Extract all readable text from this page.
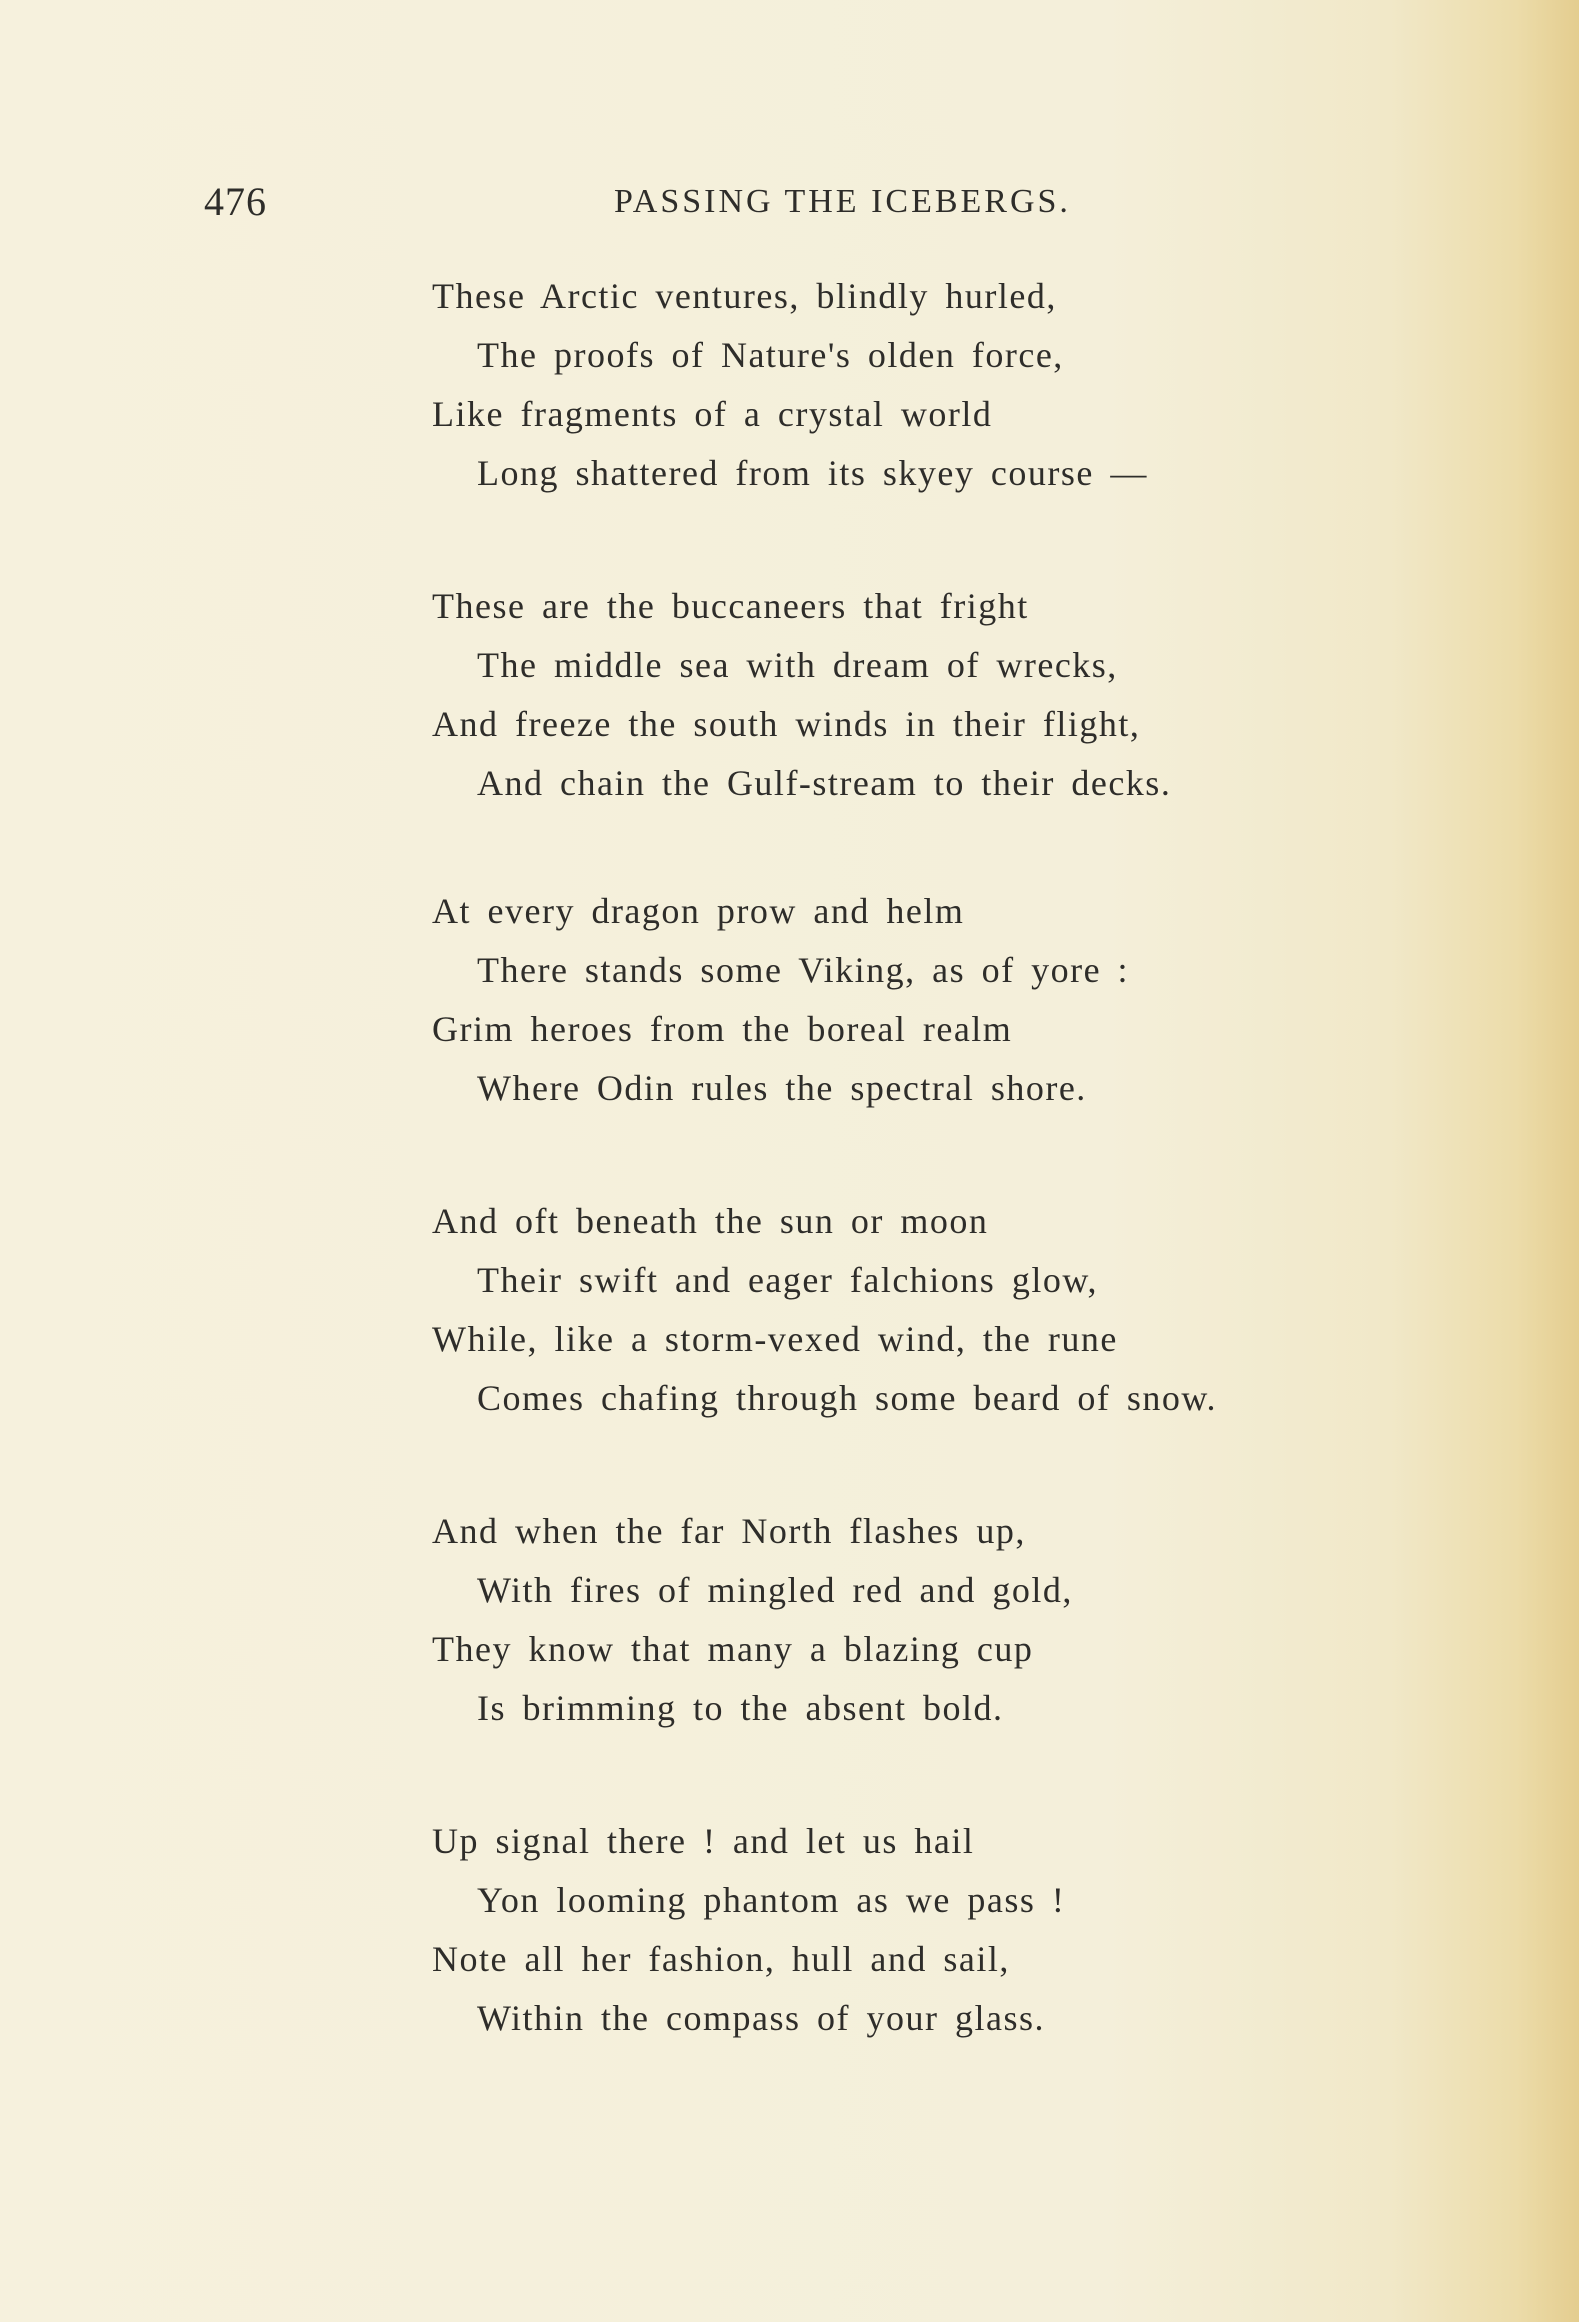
476	PASSING THE ICEBERGS.
These Arctic ventures, blindly hurled,
The proofs of Nature's olden force,
Like fragments of a crystal world
Long shattered from its skyey course —
These are the buccaneers that fright
The middle sea with dream of wrecks,
And freeze the south winds in their flight,
And chain the Gulf-stream to their decks.
At every dragon prow and helm
There stands some Viking, as of yore :
Grim heroes from the boreal realm
Where Odin rules the spectral shore.
And oft beneath the sun or moon
Their swift and eager falchions glow,
While, like a storm-vexed wind, the rune
Comes chafing through some beard of snow.
And when the far North flashes up,
With fires of mingled red and gold,
They know that many a blazing cup
Is brimming to the absent bold.
Up signal there ! and let us hail
Yon looming phantom as we pass !
Note all her fashion, hull and sail,
Within the compass of your glass.
